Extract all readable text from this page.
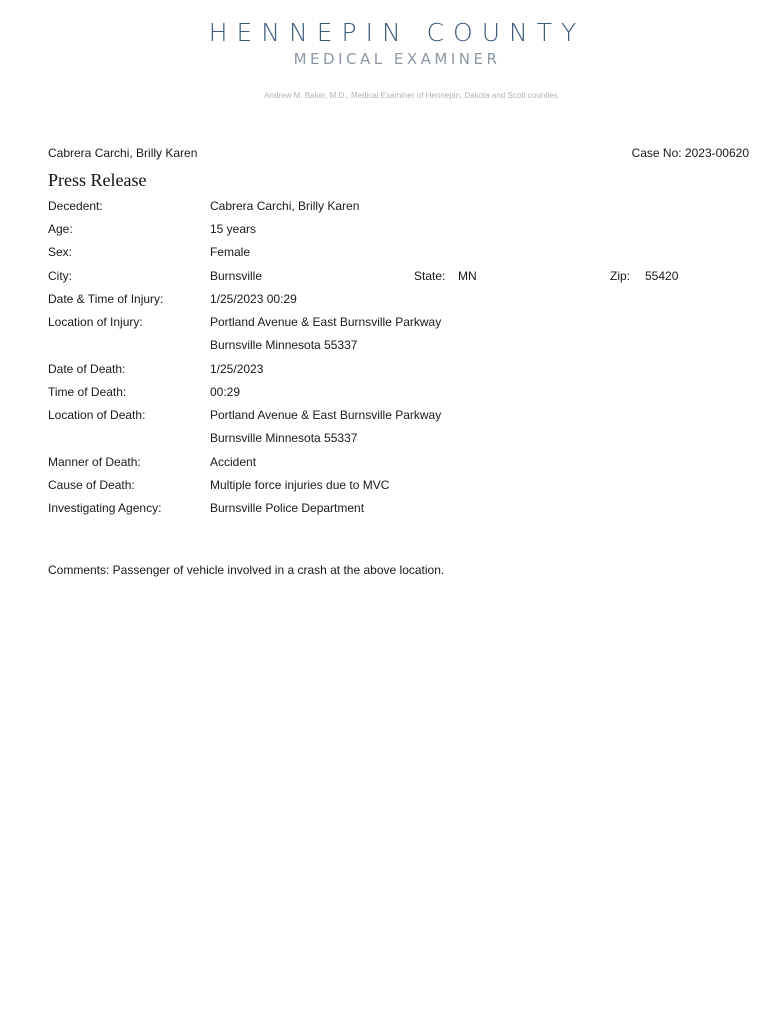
HENNEPIN COUNTY
MEDICAL EXAMINER
Andrew M. Baker, M.D., Medical Examiner of Hennepin, Dakota and Scott counties
Cabrera Carchi, Brilly Karen	Case No: 2023-00620
Press Release
Decedent:	Cabrera Carchi, Brilly Karen
Age:	15 years
Sex:	Female
City:	Burnsville	State: MN	Zip: 55420
Date & Time of Injury:	1/25/2023 00:29
Location of Injury:	Portland Avenue & East Burnsville Parkway
Burnsville Minnesota 55337
Date of Death:	1/25/2023
Time of Death:	00:29
Location of Death:	Portland Avenue & East Burnsville Parkway
Burnsville Minnesota 55337
Manner of Death:	Accident
Cause of Death:	Multiple force injuries due to MVC
Investigating Agency:	Burnsville Police Department
Comments: Passenger of vehicle involved in a crash at the above location.
